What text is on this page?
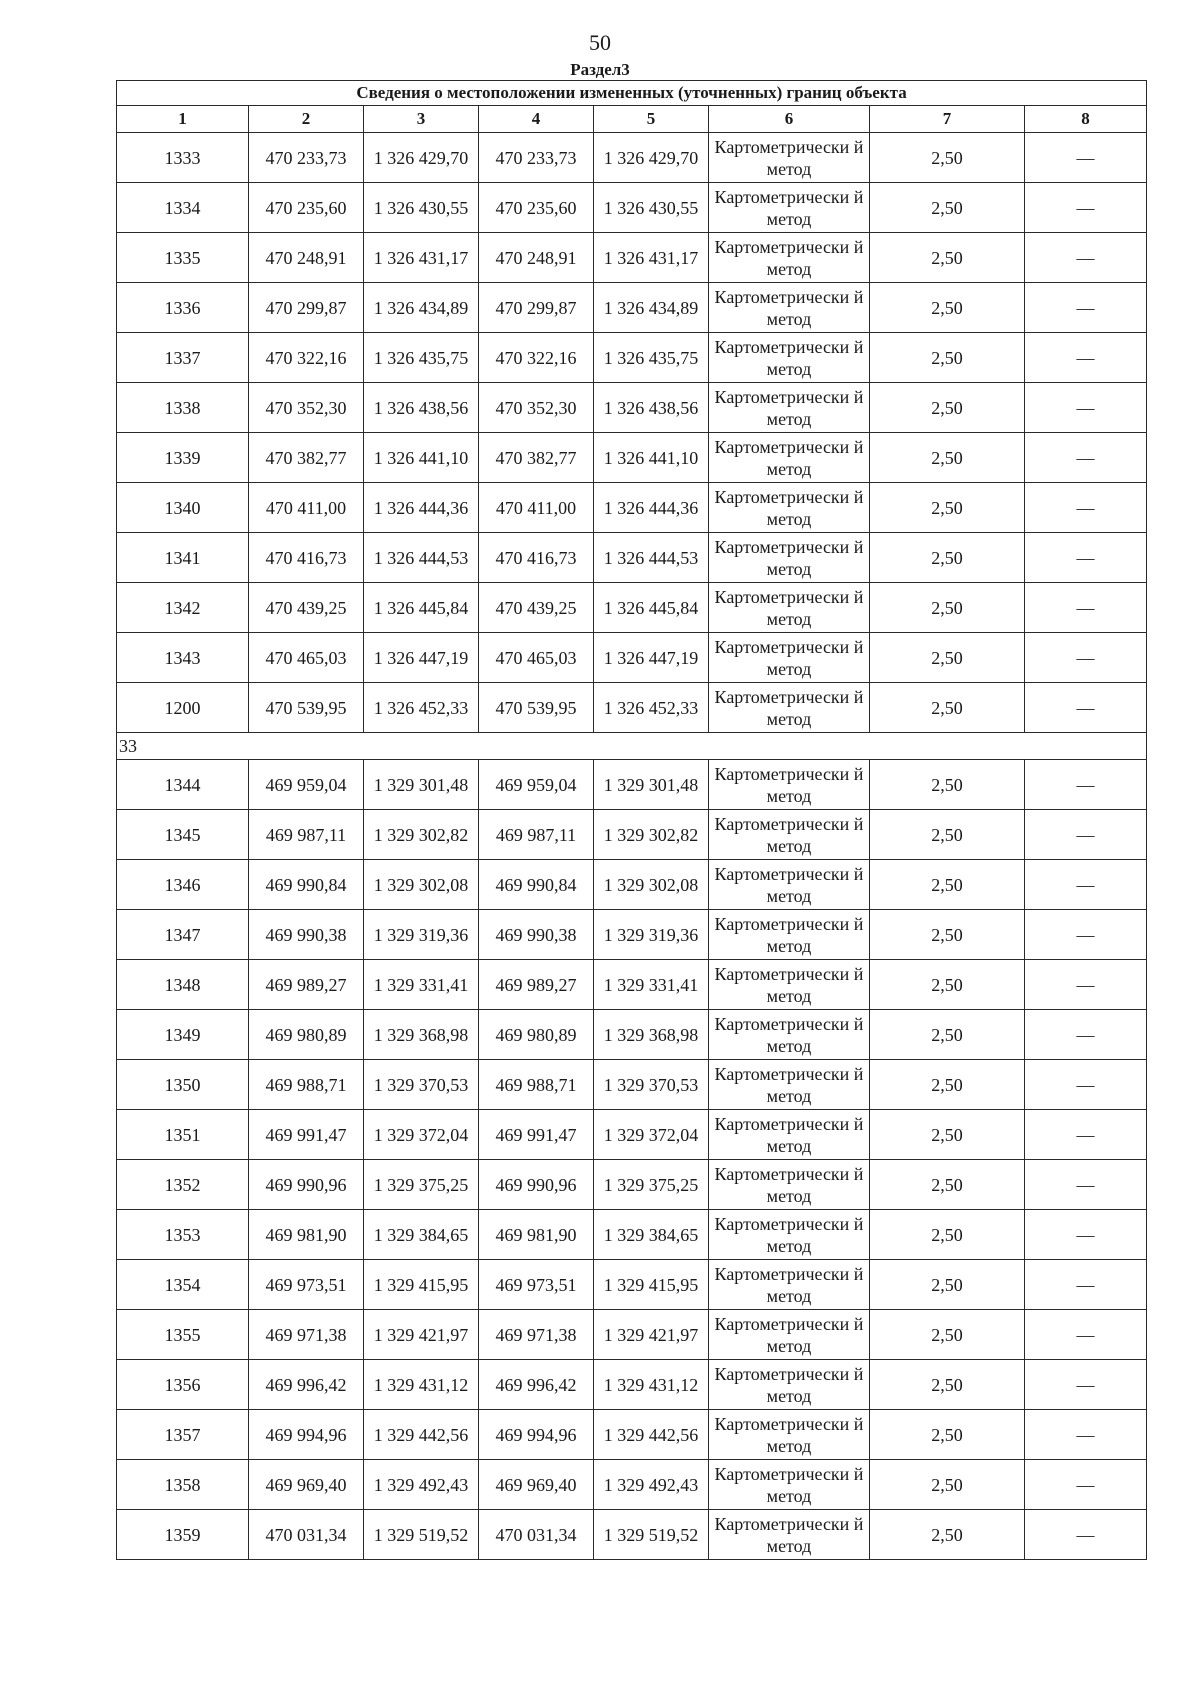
50
Раздел3
Сведения о местоположении измененных (уточненных) границ объекта							
1	2	3	4	5	6	7	8
1333	470 233,73	1 326 429,70	470 233,73	1 326 429,70	Картометрически й метод	2,50	—
1334	470 235,60	1 326 430,55	470 235,60	1 326 430,55	Картометрически й метод	2,50	—
1335	470 248,91	1 326 431,17	470 248,91	1 326 431,17	Картометрически й метод	2,50	—
1336	470 299,87	1 326 434,89	470 299,87	1 326 434,89	Картометрически й метод	2,50	—
1337	470 322,16	1 326 435,75	470 322,16	1 326 435,75	Картометрически й метод	2,50	—
1338	470 352,30	1 326 438,56	470 352,30	1 326 438,56	Картометрически й метод	2,50	—
1339	470 382,77	1 326 441,10	470 382,77	1 326 441,10	Картометрически й метод	2,50	—
1340	470 411,00	1 326 444,36	470 411,00	1 326 444,36	Картометрически й метод	2,50	—
1341	470 416,73	1 326 444,53	470 416,73	1 326 444,53	Картометрически й метод	2,50	—
1342	470 439,25	1 326 445,84	470 439,25	1 326 445,84	Картометрически й метод	2,50	—
1343	470 465,03	1 326 447,19	470 465,03	1 326 447,19	Картометрически й метод	2,50	—
1200	470 539,95	1 326 452,33	470 539,95	1 326 452,33	Картометрически й метод	2,50	—
33							
1344	469 959,04	1 329 301,48	469 959,04	1 329 301,48	Картометрически й метод	2,50	—
1345	469 987,11	1 329 302,82	469 987,11	1 329 302,82	Картометрически й метод	2,50	—
1346	469 990,84	1 329 302,08	469 990,84	1 329 302,08	Картометрически й метод	2,50	—
1347	469 990,38	1 329 319,36	469 990,38	1 329 319,36	Картометрически й метод	2,50	—
1348	469 989,27	1 329 331,41	469 989,27	1 329 331,41	Картометрически й метод	2,50	—
1349	469 980,89	1 329 368,98	469 980,89	1 329 368,98	Картометрически й метод	2,50	—
1350	469 988,71	1 329 370,53	469 988,71	1 329 370,53	Картометрически й метод	2,50	—
1351	469 991,47	1 329 372,04	469 991,47	1 329 372,04	Картометрически й метод	2,50	—
1352	469 990,96	1 329 375,25	469 990,96	1 329 375,25	Картометрически й метод	2,50	—
1353	469 981,90	1 329 384,65	469 981,90	1 329 384,65	Картометрически й метод	2,50	—
1354	469 973,51	1 329 415,95	469 973,51	1 329 415,95	Картометрически й метод	2,50	—
1355	469 971,38	1 329 421,97	469 971,38	1 329 421,97	Картометрически й метод	2,50	—
1356	469 996,42	1 329 431,12	469 996,42	1 329 431,12	Картометрически й метод	2,50	—
1357	469 994,96	1 329 442,56	469 994,96	1 329 442,56	Картометрически й метод	2,50	—
1358	469 969,40	1 329 492,43	469 969,40	1 329 492,43	Картометрически й метод	2,50	—
1359	470 031,34	1 329 519,52	470 031,34	1 329 519,52	Картометрически й метод	2,50	—
